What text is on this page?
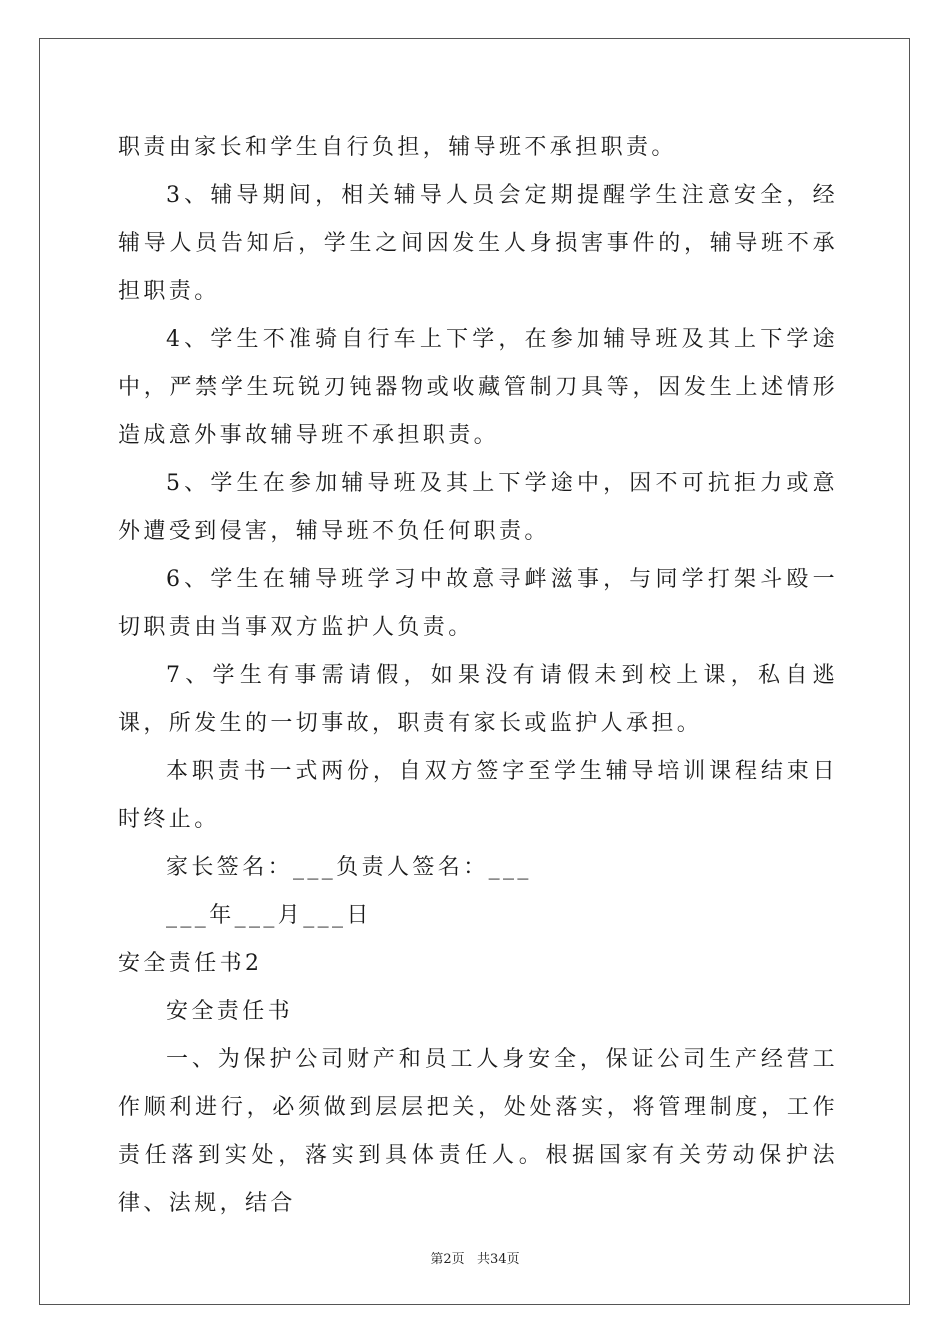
职责由家长和学生自行负担，辅导班不承担职责。

3、辅导期间，相关辅导人员会定期提醒学生注意安全，经辅导人员告知后，学生之间因发生人身损害事件的，辅导班不承担职责。

4、学生不准骑自行车上下学，在参加辅导班及其上下学途中，严禁学生玩锐刃钝器物或收藏管制刀具等，因发生上述情形造成意外事故辅导班不承担职责。

5、学生在参加辅导班及其上下学途中，因不可抗拒力或意外遭受到侵害，辅导班不负任何职责。

6、学生在辅导班学习中故意寻衅滋事，与同学打架斗殴一切职责由当事双方监护人负责。

7、学生有事需请假，如果没有请假未到校上课，私自逃课，所发生的一切事故，职责有家长或监护人承担。

本职责书一式两份，自双方签字至学生辅导培训课程结束日时终止。

家长签名：___负责人签名：___

___年___月___日

安全责任书2

安全责任书

一、为保护公司财产和员工人身安全，保证公司生产经营工作顺利进行，必须做到层层把关，处处落实，将管理制度，工作责任落到实处，落实到具体责任人。根据国家有关劳动保护法律、法规，结合

第2页   共34页
